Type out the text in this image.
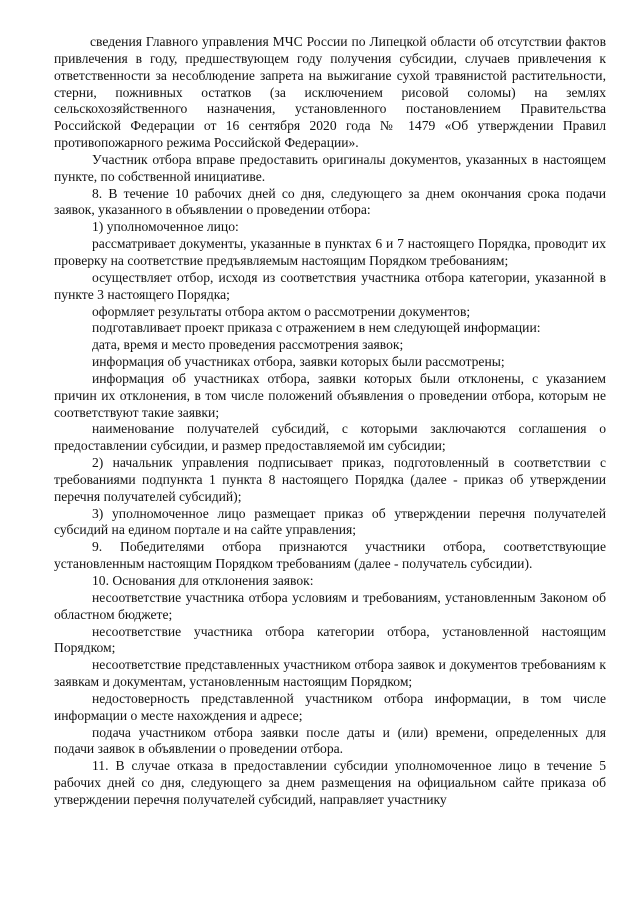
сведения Главного управления МЧС России по Липецкой области об отсутствии фактов привлечения в году, предшествующем году получения субсидии, случаев привлечения к ответственности за несоблюдение запрета на выжигание сухой травянистой растительности, стерни, пожнивных остатков (за исключением рисовой соломы) на землях сельскохозяйственного назначения, установленного постановлением Правительства Российской Федерации от 16 сентября 2020 года № 1479 «Об утверждении Правил противопожарного режима Российской Федерации».

Участник отбора вправе предоставить оригиналы документов, указанных в настоящем пункте, по собственной инициативе.

8. В течение 10 рабочих дней со дня, следующего за днем окончания срока подачи заявок, указанного в объявлении о проведении отбора:

1) уполномоченное лицо:

рассматривает документы, указанные в пунктах 6 и 7 настоящего Порядка, проводит их проверку на соответствие предъявляемым настоящим Порядком требованиям;

осуществляет отбор, исходя из соответствия участника отбора категории, указанной в пункте 3 настоящего Порядка;

оформляет результаты отбора актом о рассмотрении документов;

подготавливает проект приказа с отражением в нем следующей информации:

дата, время и место проведения рассмотрения заявок;

информация об участниках отбора, заявки которых были рассмотрены;

информация об участниках отбора, заявки которых были отклонены, с указанием причин их отклонения, в том числе положений объявления о проведении отбора, которым не соответствуют такие заявки;

наименование получателей субсидий, с которыми заключаются соглашения о предоставлении субсидии, и размер предоставляемой им субсидии;

2) начальник управления подписывает приказ, подготовленный в соответствии с требованиями подпункта 1 пункта 8 настоящего Порядка (далее - приказ об утверждении перечня получателей субсидий);

3) уполномоченное лицо размещает приказ об утверждении перечня получателей субсидий на едином портале и на сайте управления;

9. Победителями отбора признаются участники отбора, соответствующие установленным настоящим Порядком требованиям (далее - получатель субсидии).

10. Основания для отклонения заявок:

несоответствие участника отбора условиям и требованиям, установленным Законом об областном бюджете;

несоответствие участника отбора категории отбора, установленной настоящим Порядком;

несоответствие представленных участником отбора заявок и документов требованиям к заявкам и документам, установленным настоящим Порядком;

недостоверность представленной участником отбора информации, в том числе информации о месте нахождения и адресе;

подача участником отбора заявки после даты и (или) времени, определенных для подачи заявок в объявлении о проведении отбора.

11. В случае отказа в предоставлении субсидии уполномоченное лицо в течение 5 рабочих дней со дня, следующего за днем размещения на официальном сайте приказа об утверждении перечня получателей субсидий, направляет участнику
